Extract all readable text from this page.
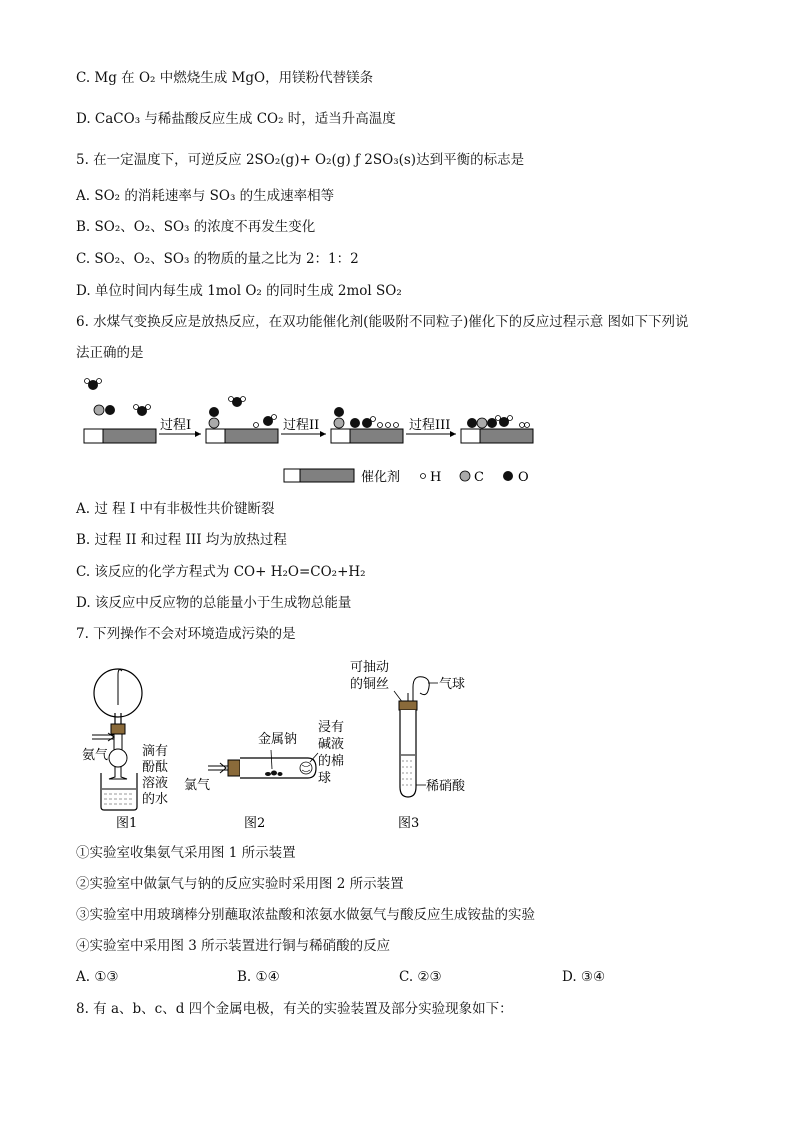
C. Mg 在 O₂ 中燃烧生成 MgO，用镁粉代替镁条
D. CaCO₃ 与稀盐酸反应生成 CO₂ 时，适当升高温度
5. 在一定温度下，可逆反应 2SO₂(g)+ O₂(g) ƒ 2SO₃(s)达到平衡的标志是
A. SO₂ 的消耗速率与 SO₃ 的生成速率相等
B. SO₂、O₂、SO₃ 的浓度不再发生变化
C. SO₂、O₂、SO₃ 的物质的量之比为 2：1：2
D. 单位时间内每生成 1mol O₂ 的同时生成 2mol SO₂
6. 水煤气变换反应是放热反应，在双功能催化剂(能吸附不同粒子)催化下的反应过程示意 图如下下列说
法正确的是
过程I	过程II	过程III
催化剂 H	C	O
A. 过 程 I 中有非极性共价键断裂
B. 过程 II 和过程 III 均为放热过程
C. 该反应的化学方程式为 CO+ H₂O=CO₂+H₂
D. 该反应中反应物的总能量小于生成物总能量
7. 下列操作不会对环境造成污染的是
氨气	滴有酚酞溶液的水
图1
金属钠
浸有碱液的棉球
氯气
图2
可抽动的铜丝	气球
稀硝酸
图3
①实验室收集氨气采用图 1 所示装置
②实验室中做氯气与钠的反应实验时采用图 2 所示装置
③实验室中用玻璃棒分别蘸取浓盐酸和浓氨水做氨气与酸反应生成铵盐的实验
④实验室中采用图 3 所示装置进行铜与稀硝酸的反应
A. ①③	B. ①④	C. ②③	D. ③④
8. 有 a、b、c、d 四个金属电极，有关的实验装置及部分实验现象如下：
